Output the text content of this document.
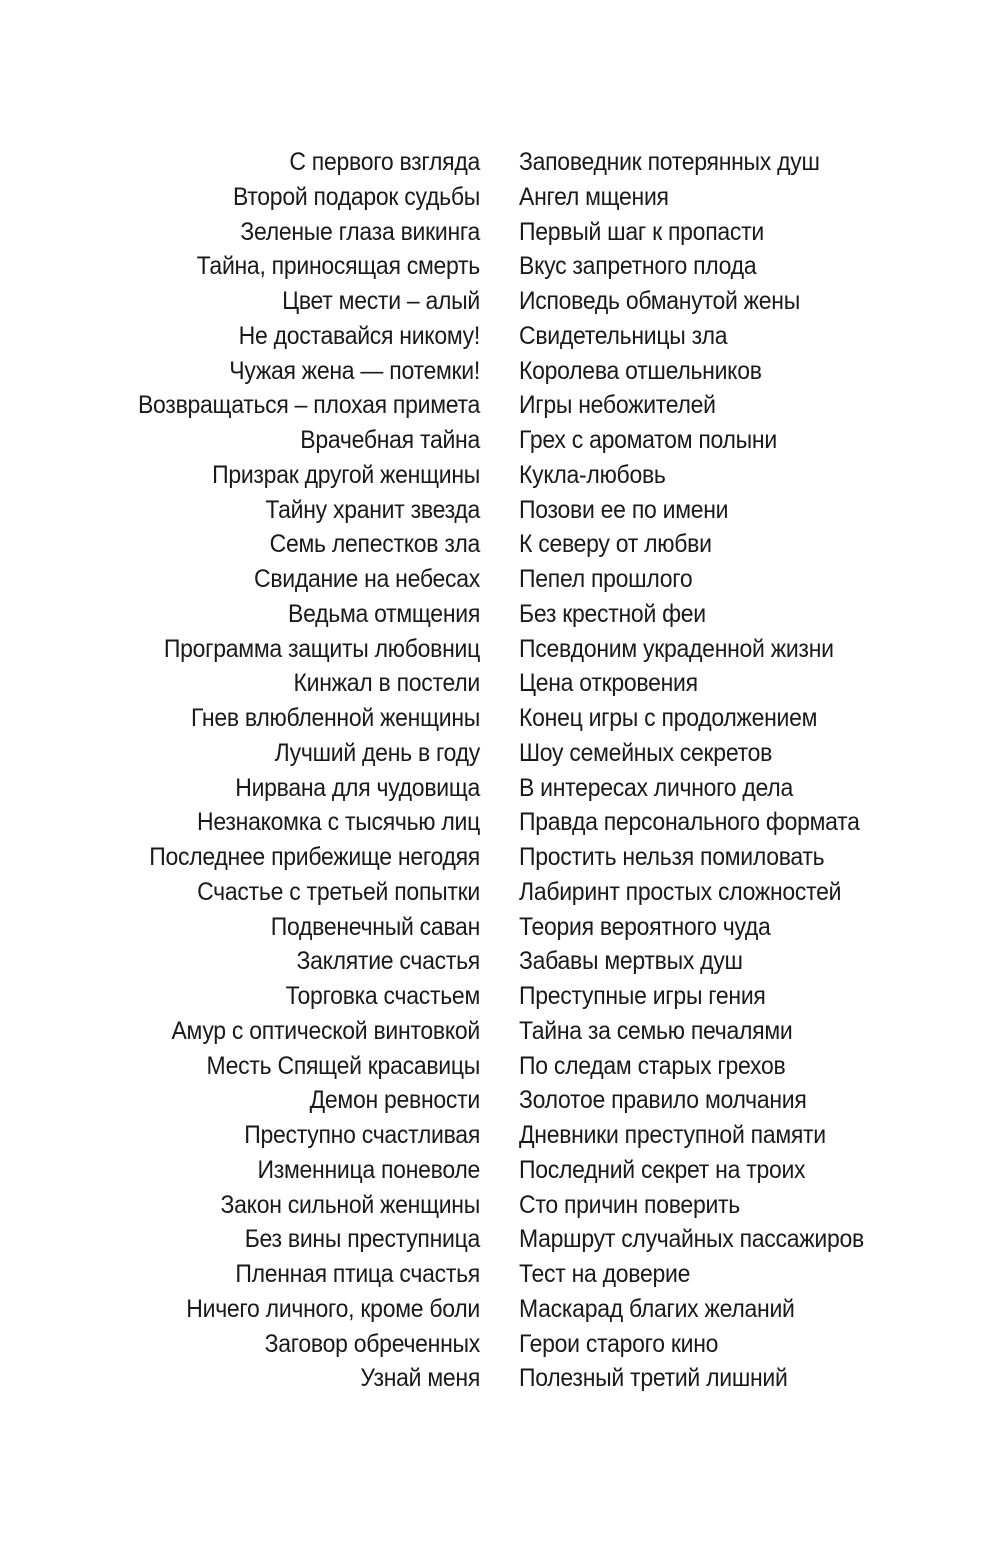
С первого взгляда Заповедник потерянных душ
Второй подарок судьбы Ангел мщения
Зеленые глаза викинга Первый шаг к пропасти
Тайна, приносящая смерть Вкус запретного плода
Цвет мести – алый Исповедь обманутой жены
Не доставайся никому! Свидетельницы зла
Чужая жена — потемки! Королева отшельников
Возвращаться – плохая примета Игры небожителей
Врачебная тайна Грех с ароматом полыни
Призрак другой женщины Кукла-любовь
Тайну хранит звезда Позови ее по имени
Семь лепестков зла К северу от любви
Свидание на небесах Пепел прошлого
Ведьма отмщения Без крестной феи
Программа защиты любовниц Псевдоним украденной жизни
Кинжал в постели Цена откровения
Гнев влюбленной женщины Конец игры с продолжением
Лучший день в году Шоу семейных секретов
Нирвана для чудовища В интересах личного дела
Незнакомка с тысячью лиц Правда персонального формата
Последнее прибежище негодяя Простить нельзя помиловать
Счастье с третьей попытки Лабиринт простых сложностей
Подвенечный саван Теория вероятного чуда
Заклятие счастья Забавы мертвых душ
Торговка счастьем Преступные игры гения
Амур с оптической винтовкой Тайна за семью печалями
Месть Спящей красавицы По следам старых грехов
Демон ревности Золотое правило молчания
Преступно счастливая Дневники преступной памяти
Изменница поневоле Последний секрет на троих
Закон сильной женщины Сто причин поверить
Без вины преступница Маршрут случайных пассажиров
Пленная птица счастья Тест на доверие
Ничего личного, кроме боли Маскарад благих желаний
Заговор обреченных Герои старого кино
Узнай меня Полезный третий лишний
